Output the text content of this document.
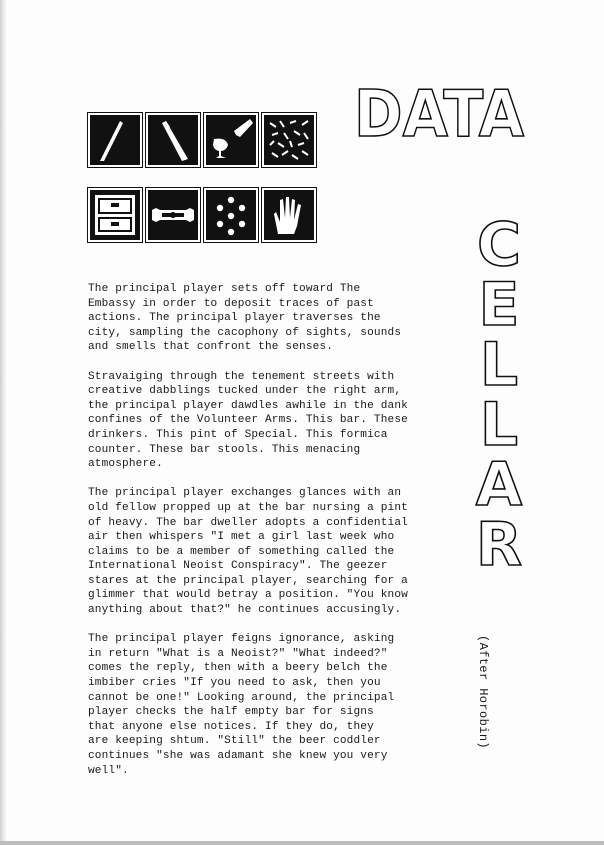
DATA
C
E
L
L
A
R
(After Horobin)

The principal player sets off toward The
Embassy in order to deposit traces of past
actions. The principal player traverses the
city, sampling the cacophony of sights, sounds
and smells that confront the senses.

Stravaiging through the tenement streets with
creative dabblings tucked under the right arm,
the principal player dawdles awhile in the dank
confines of the Volunteer Arms. This bar. These
drinkers. This pint of Special. This formica
counter. These bar stools. This menacing
atmosphere.

The principal player exchanges glances with an
old fellow propped up at the bar nursing a pint
of heavy. The bar dweller adopts a confidential
air then whispers "I met a girl last week who
claims to be a member of something called the
International Neoist Conspiracy". The geezer
stares at the principal player, searching for a
glimmer that would betray a position. "You know
anything about that?" he continues accusingly.

The principal player feigns ignorance, asking
in return "What is a Neoist?" "What indeed?"
comes the reply, then with a beery belch the
imbiber cries "If you need to ask, then you
cannot be one!" Looking around, the principal
player checks the half empty bar for signs
that anyone else notices. If they do, they
are keeping shtum. "Still" the beer coddler
continues "she was adamant she knew you very
well".
